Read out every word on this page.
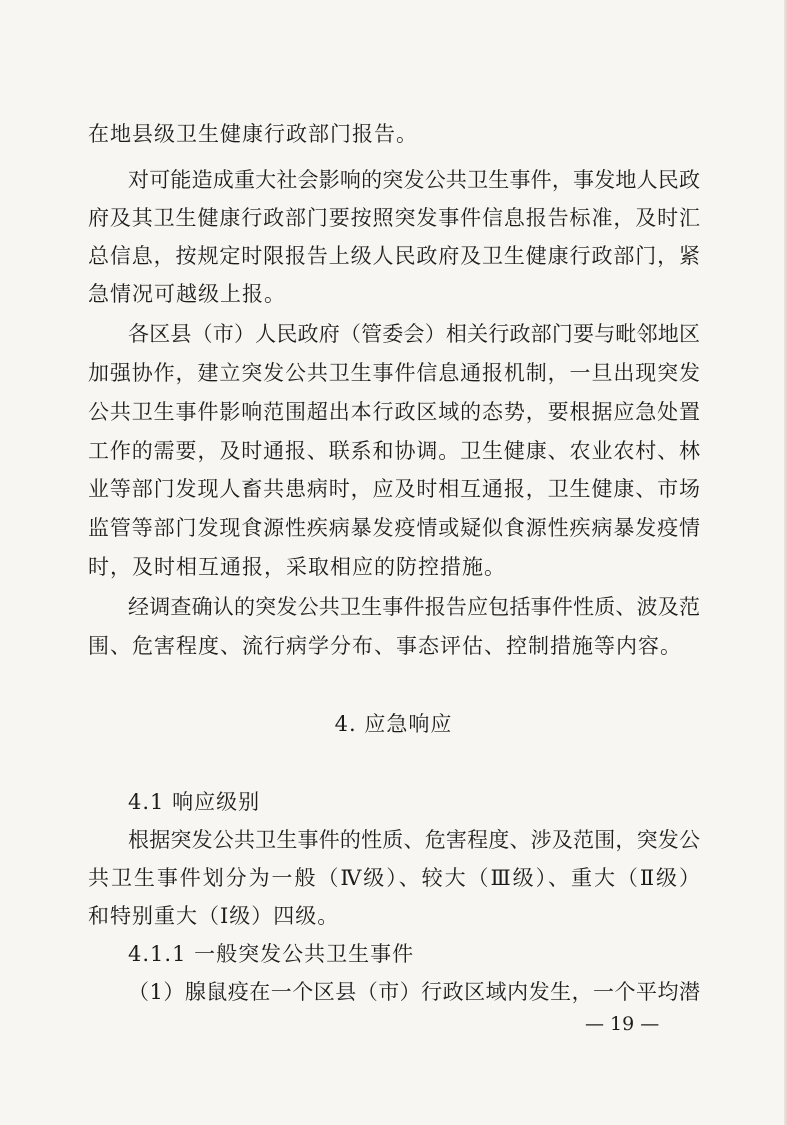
在地县级卫生健康行政部门报告。
对可能造成重大社会影响的突发公共卫生事件，事发地人民政
府及其卫生健康行政部门要按照突发事件信息报告标准，及时汇
总信息，按规定时限报告上级人民政府及卫生健康行政部门，紧
急情况可越级上报。
各区县（市）人民政府（管委会）相关行政部门要与毗邻地区
加强协作，建立突发公共卫生事件信息通报机制，一旦出现突发
公共卫生事件影响范围超出本行政区域的态势，要根据应急处置
工作的需要，及时通报、联系和协调。卫生健康、农业农村、林
业等部门发现人畜共患病时，应及时相互通报，卫生健康、市场
监管等部门发现食源性疾病暴发疫情或疑似食源性疾病暴发疫情
时，及时相互通报，采取相应的防控措施。
经调查确认的突发公共卫生事件报告应包括事件性质、波及范
围、危害程度、流行病学分布、事态评估、控制措施等内容。
4. 应急响应
4.1 响应级别
根据突发公共卫生事件的性质、危害程度、涉及范围，突发公
共卫生事件划分为一般（Ⅳ级）、较大（Ⅲ级）、重大（Ⅱ级）
和特别重大（Ⅰ级）四级。
4.1.1 一般突发公共卫生事件
（1）腺鼠疫在一个区县（市）行政区域内发生，一个平均潜
— 19 —
